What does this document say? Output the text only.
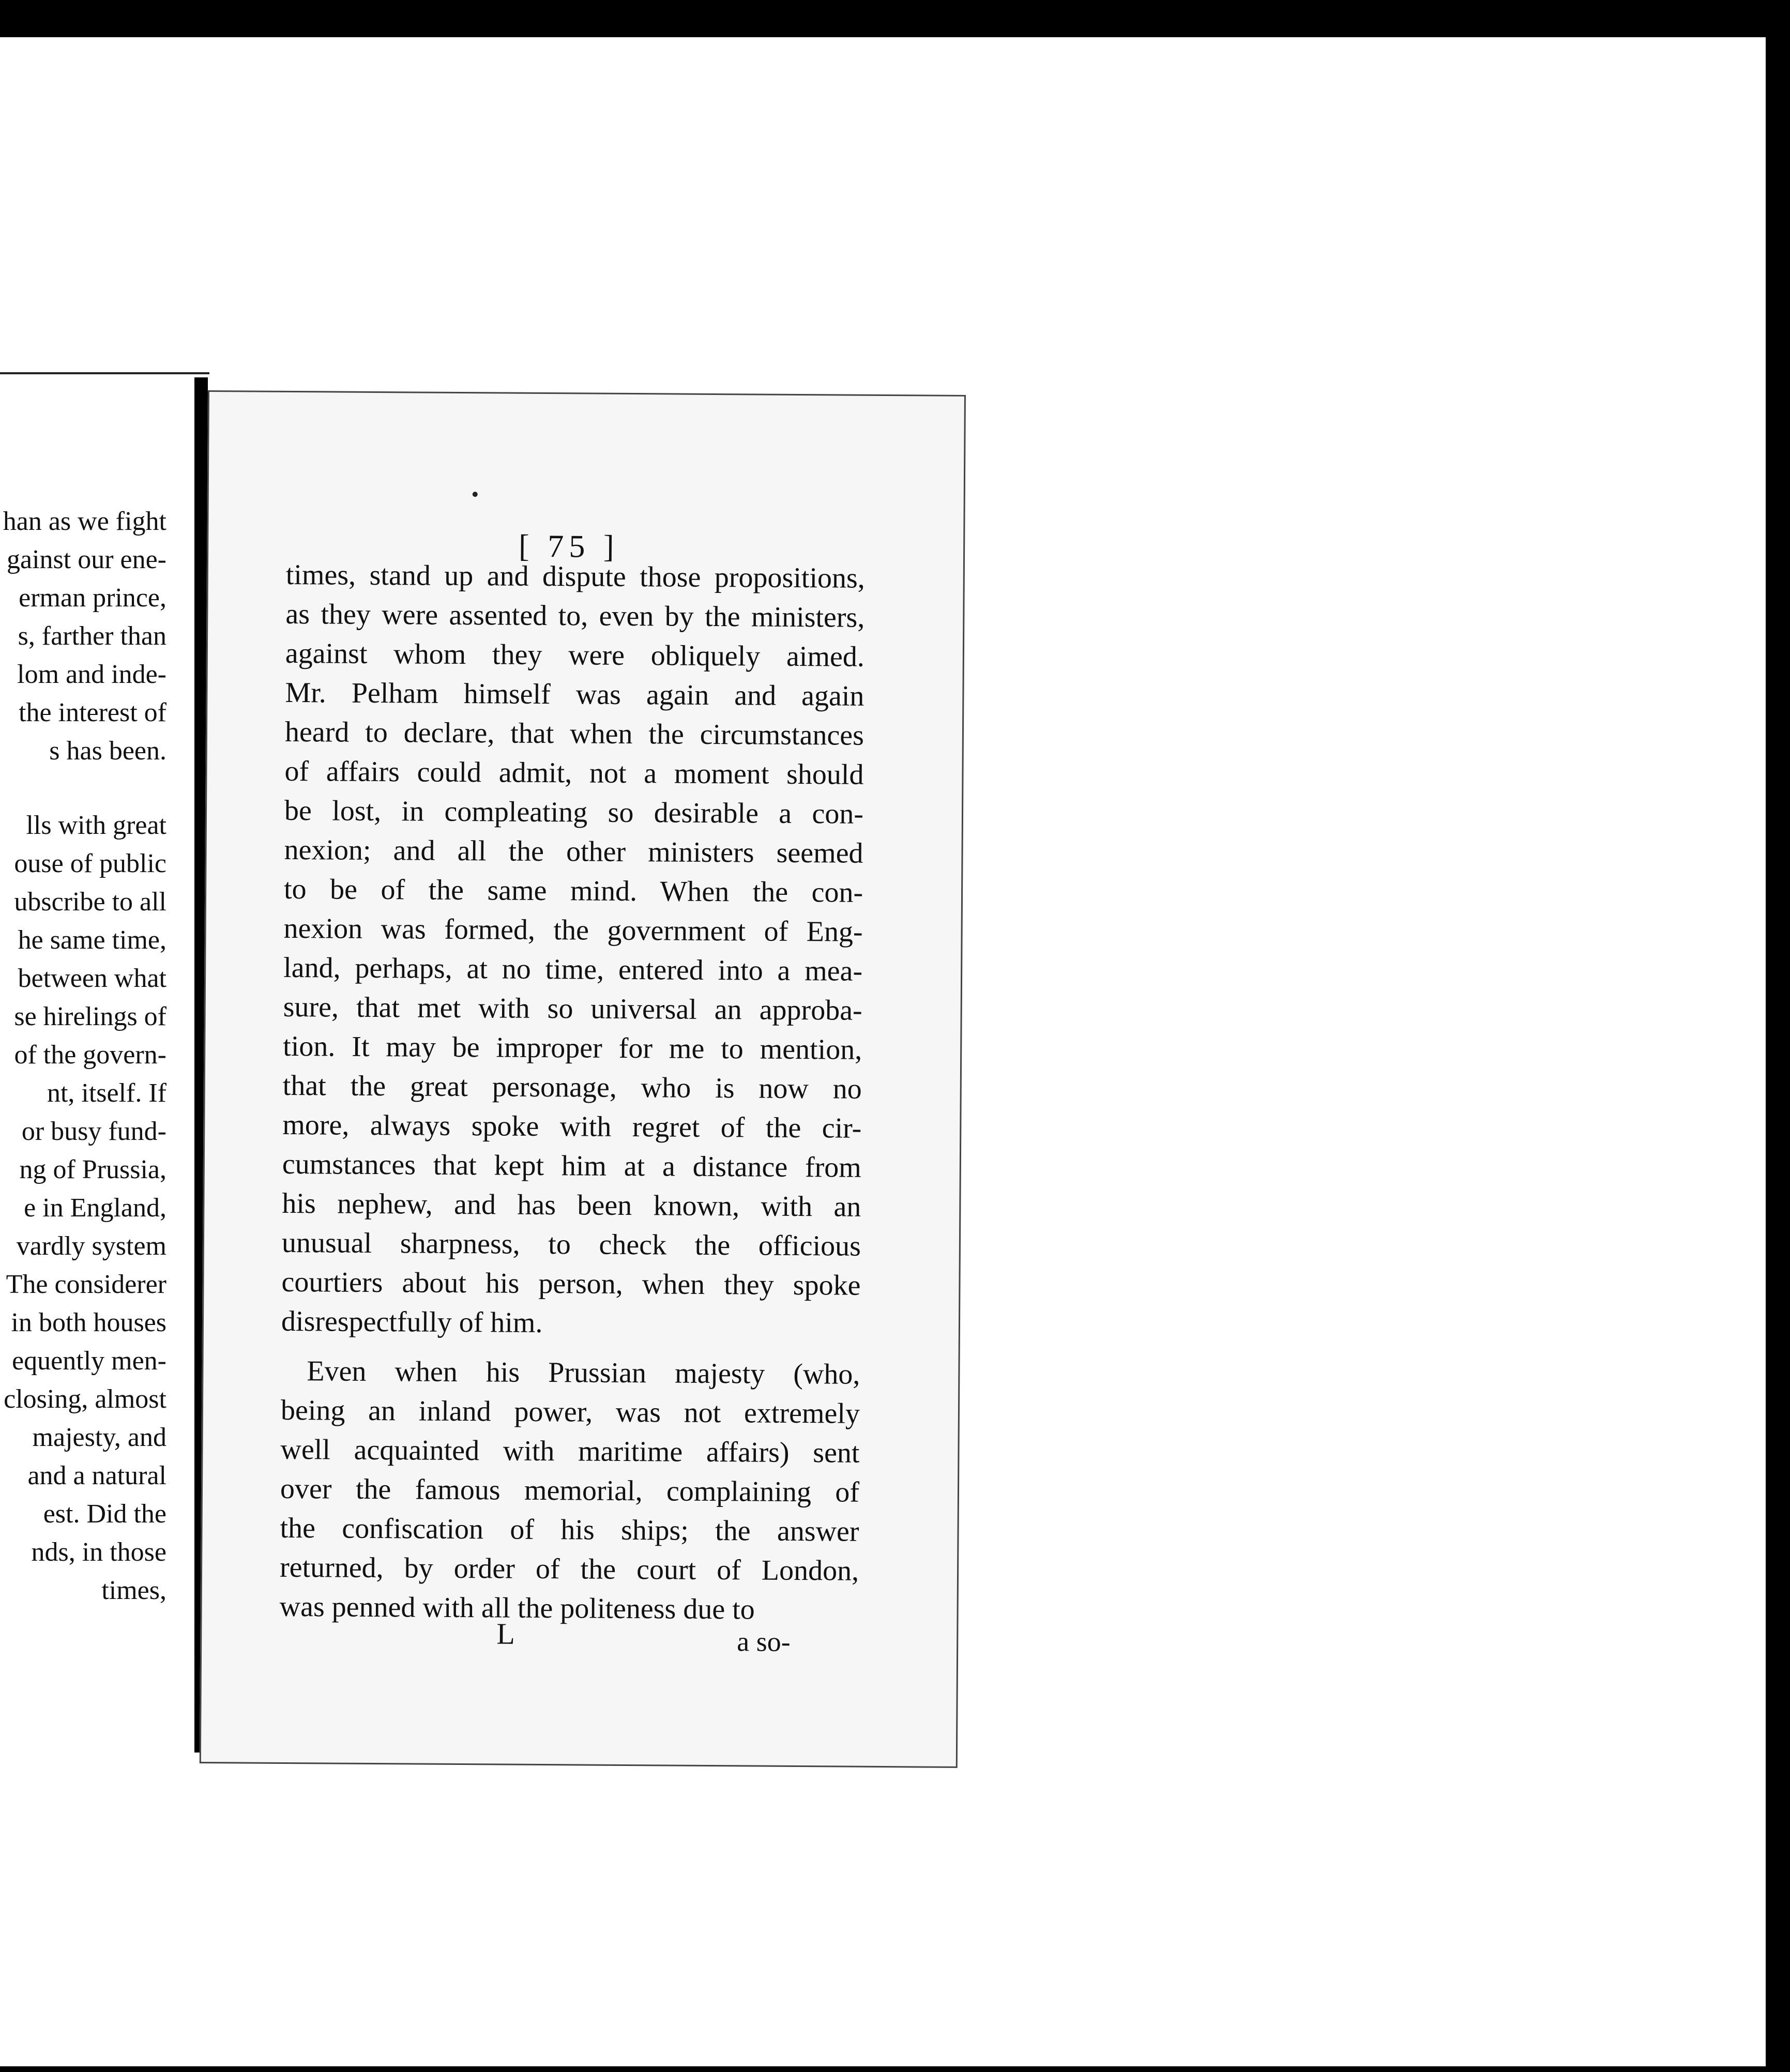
han as we fight
gainst our ene-
erman prince,
s, farther than
lom and inde-
the interest of
s has been.
lls with great
ouse of public
ubscribe to all
he same time,
between what
se hirelings of
of the govern-
nt, itself. If
or busy fund-
ng of Prussia,
e in England,
vardly system
The considerer
in both houses
equently men-
closing, almost
majesty, and
and a natural
est. Did the
nds, in those
times,
[ 75 ]
times, stand up and dispute those propositions,
as they were assented to, even by the ministers,
against whom they were obliquely aimed.
Mr. Pelham himself was again and again
heard to declare, that when the circumstances
of affairs could admit, not a moment should
be lost, in compleating so desirable a con-
nexion; and all the other ministers seemed
to be of the same mind. When the con-
nexion was formed, the government of Eng-
land, perhaps, at no time, entered into a mea-
sure, that met with so universal an approba-
tion. It may be improper for me to mention,
that the great personage, who is now no
more, always spoke with regret of the cir-
cumstances that kept him at a distance from
his nephew, and has been known, with an
unusual sharpness, to check the officious
courtiers about his person, when they spoke
disrespectfully of him.
Even when his Prussian majesty (who,
being an inland power, was not extremely
well acquainted with maritime affairs) sent
over the famous memorial, complaining of
the confiscation of his ships; the answer
returned, by order of the court of London,
was penned with all the politeness due to
L	a so-
